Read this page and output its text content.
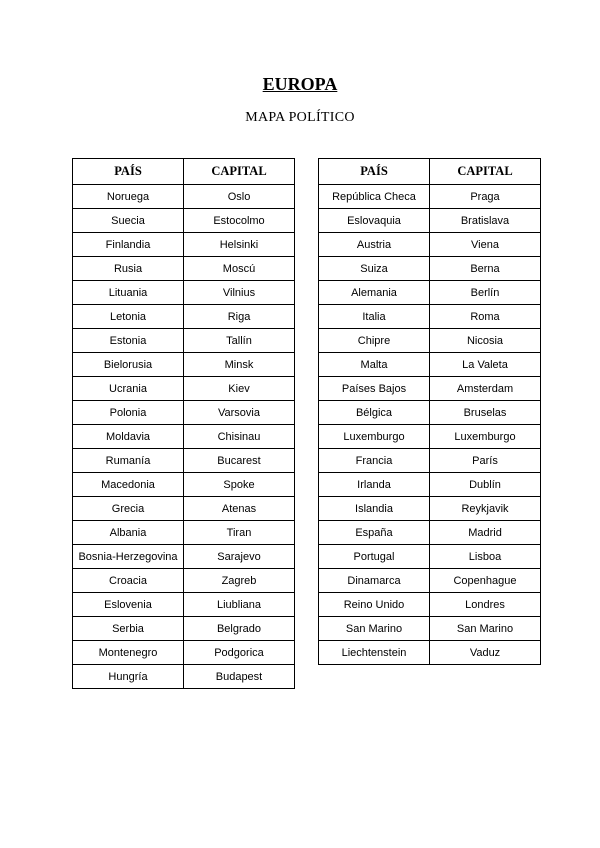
EUROPA
MAPA POLÍTICO
PAÍS	CAPITAL
Noruega	Oslo
Suecia	Estocolmo
Finlandia	Helsinki
Rusia	Moscú
Lituania	Vilnius
Letonia	Riga
Estonia	Tallín
Bielorusia	Minsk
Ucrania	Kiev
Polonia	Varsovia
Moldavia	Chisinau
Rumanía	Bucarest
Macedonia	Spoke
Grecia	Atenas
Albania	Tiran
Bosnia-Herzegovina	Sarajevo
Croacia	Zagreb
Eslovenia	Liubliana
Serbia	Belgrado
Montenegro	Podgorica
Hungría	Budapest
PAÍS	CAPITAL
República Checa	Praga
Eslovaquia	Bratislava
Austria	Viena
Suiza	Berna
Alemania	Berlín
Italia	Roma
Chipre	Nicosia
Malta	La Valeta
Países Bajos	Amsterdam
Bélgica	Bruselas
Luxemburgo	Luxemburgo
Francia	París
Irlanda	Dublín
Islandia	Reykjavik
España	Madrid
Portugal	Lisboa
Dinamarca	Copenhague
Reino Unido	Londres
San Marino	San Marino
Liechtenstein	Vaduz
